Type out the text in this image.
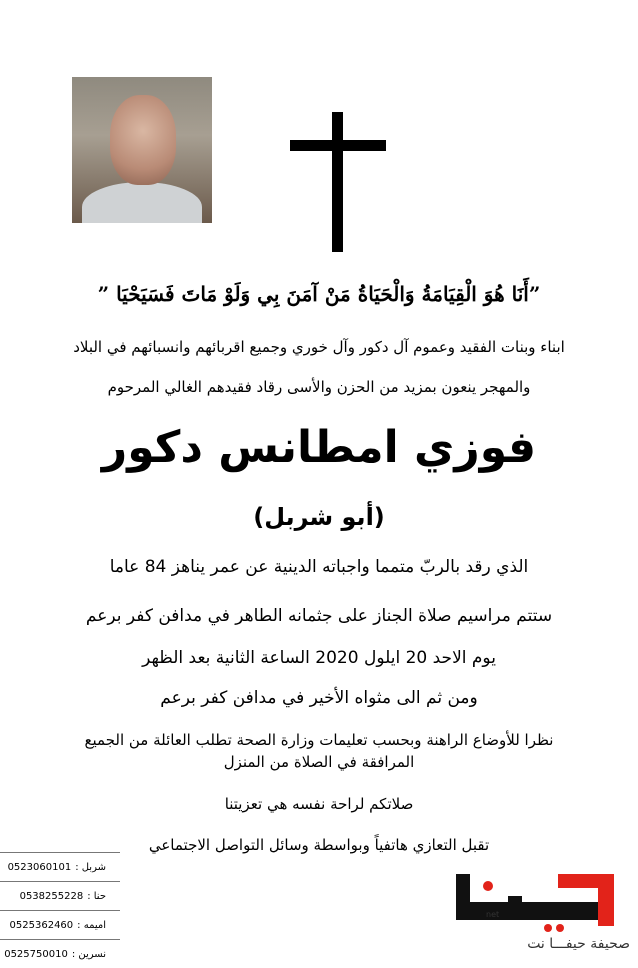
”أَنَا هُوَ الْقِيَامَةُ وَالْحَيَاةُ مَنْ آمَنَ بِي وَلَوْ مَاتَ فَسَيَحْيَا ”
ابناء وبنات الفقيد وعموم آل دكور وآل خوري وجميع اقربائهم وانسبائهم في البلاد
والمهجر ينعون بمزيد من الحزن والأسى رقاد فقيدهم الغالي المرحوم
فوزي امطانس دكور
(أبو شربل)
الذي رقد بالربّ متمما واجباته الدينية عن عمر يناهز 84 عاما
ستتم مراسيم صلاة الجناز على جثمانه الطاهر في مدافن كفر برعم
يوم الاحد 20 ايلول 2020 الساعة الثانية بعد الظهر
ومن ثم الى مثواه الأخير في مدافن كفر برعم
نظرا للأوضاع الراهنة وبحسب تعليمات وزارة الصحة تطلب العائلة من الجميع
المرافقة في الصلاة من المنزل
صلاتكم لراحة نفسه هي تعزيتنا
تقبل التعازي هاتفياً وبواسطة وسائل التواصل الاجتماعي
شربل :
0523060101
حنا :
0538255228
اميمه :
0525362460
نسرين :
0525750010
net
صحيفة حيفـــا نت
